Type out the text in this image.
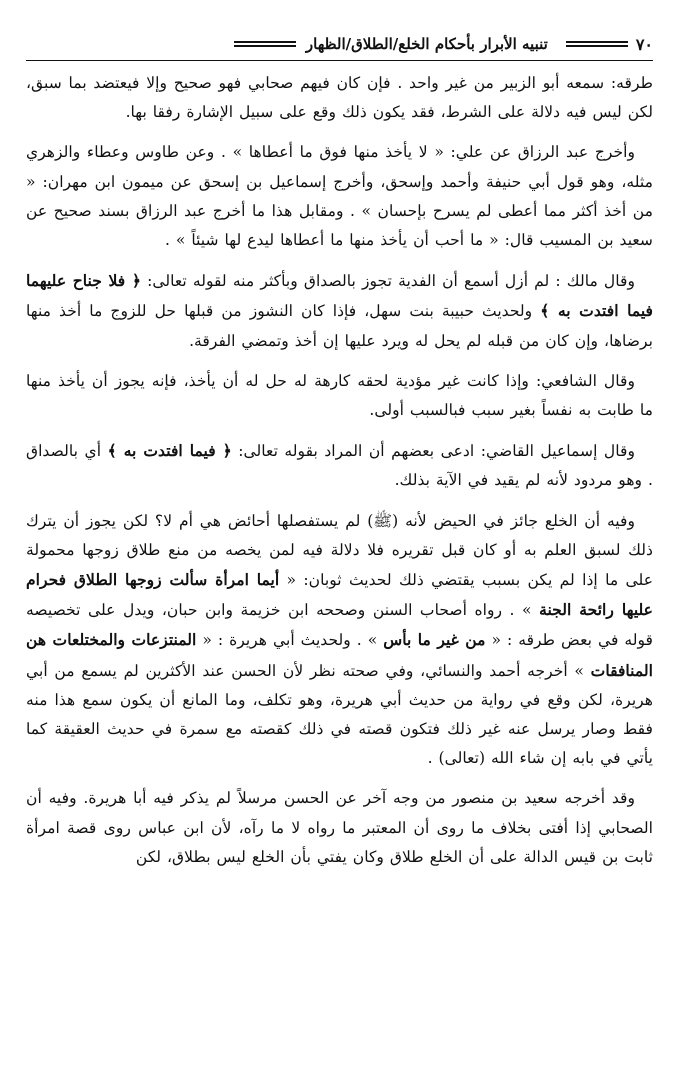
٧٠
تنبيه الأبرار بأحكام الخلع/الطلاق/الظهار

طرقه: سمعه أبو الزبير من غير واحد . فإن كان فيهم صحابي فهو صحيح وإلا فيعتضد بما سبق، لكن ليس فيه دلالة على الشرط، فقد يكون ذلك وقع على سبيل الإشارة رفقا بها.

وأخرج عبد الرزاق عن علي: « لا يأخذ منها فوق ما أعطاها » . وعن طاوس وعطاء والزهري مثله، وهو قول أبي حنيفة وأحمد وإسحق، وأخرج إسماعيل بن إسحق عن ميمون ابن مهران: « من أخذ أكثر مما أعطى لم يسرح بإحسان » . ومقابل هذا ما أخرج عبد الرزاق بسند صحيح عن سعيد بن المسيب قال: « ما أحب أن يأخذ منها ما أعطاها ليدع لها شيئاً » .

وقال مالك : لم أزل أسمع أن الفدية تجوز بالصداق وبأكثر منه لقوله تعالى: ﴿ فلا جناح عليهما فيما افتدت به ﴾ ولحديث حبيبة بنت سهل، فإذا كان النشوز من قبلها حل للزوج ما أخذ منها برضاها، وإن كان من قبله لم يحل له ويرد عليها إن أخذ وتمضي الفرقة.

وقال الشافعي: وإذا كانت غير مؤدية لحقه كارهة له حل له أن يأخذ، فإنه يجوز أن يأخذ منها ما طابت به نفساً بغير سبب فبالسبب أولى.

وقال إسماعيل القاضي: ادعى بعضهم أن المراد بقوله تعالى: ﴿ فيما افتدت به ﴾ أي بالصداق . وهو مردود لأنه لم يقيد في الآية بذلك.

وفيه أن الخلع جائز في الحيض لأنه (ﷺ) لم يستفصلها أحائض هي أم لا؟ لكن يجوز أن يترك ذلك لسبق العلم به أو كان قبل تقريره فلا دلالة فيه لمن يخصه من منع طلاق زوجها محمولة على ما إذا لم يكن بسبب يقتضي ذلك لحديث ثوبان: « أيما امرأة سألت زوجها الطلاق فحرام عليها رائحة الجنة » . رواه أصحاب السنن وصححه ابن خزيمة وابن حبان، ويدل على تخصيصه قوله في بعض طرقه : « من غير ما بأس » . ولحديث أبي هريرة : « المنتزعات والمختلعات هن المنافقات » أخرجه أحمد والنسائي، وفي صحته نظر لأن الحسن عند الأكثرين لم يسمع من أبي هريرة، لكن وقع في رواية من حديث أبي هريرة، وهو تكلف، وما المانع أن يكون سمع هذا منه فقط وصار يرسل عنه غير ذلك فتكون قصته في ذلك كقصته مع سمرة في حديث العقيقة كما يأتي في بابه إن شاء الله (تعالى) .

وقد أخرجه سعيد بن منصور من وجه آخر عن الحسن مرسلاً لم يذكر فيه أبا هريرة. وفيه أن الصحابي إذا أفتى بخلاف ما روى أن المعتبر ما رواه لا ما رآه، لأن ابن عباس روى قصة امرأة ثابت بن قيس الدالة على أن الخلع طلاق وكان يفتي بأن الخلع ليس بطلاق، لكن
